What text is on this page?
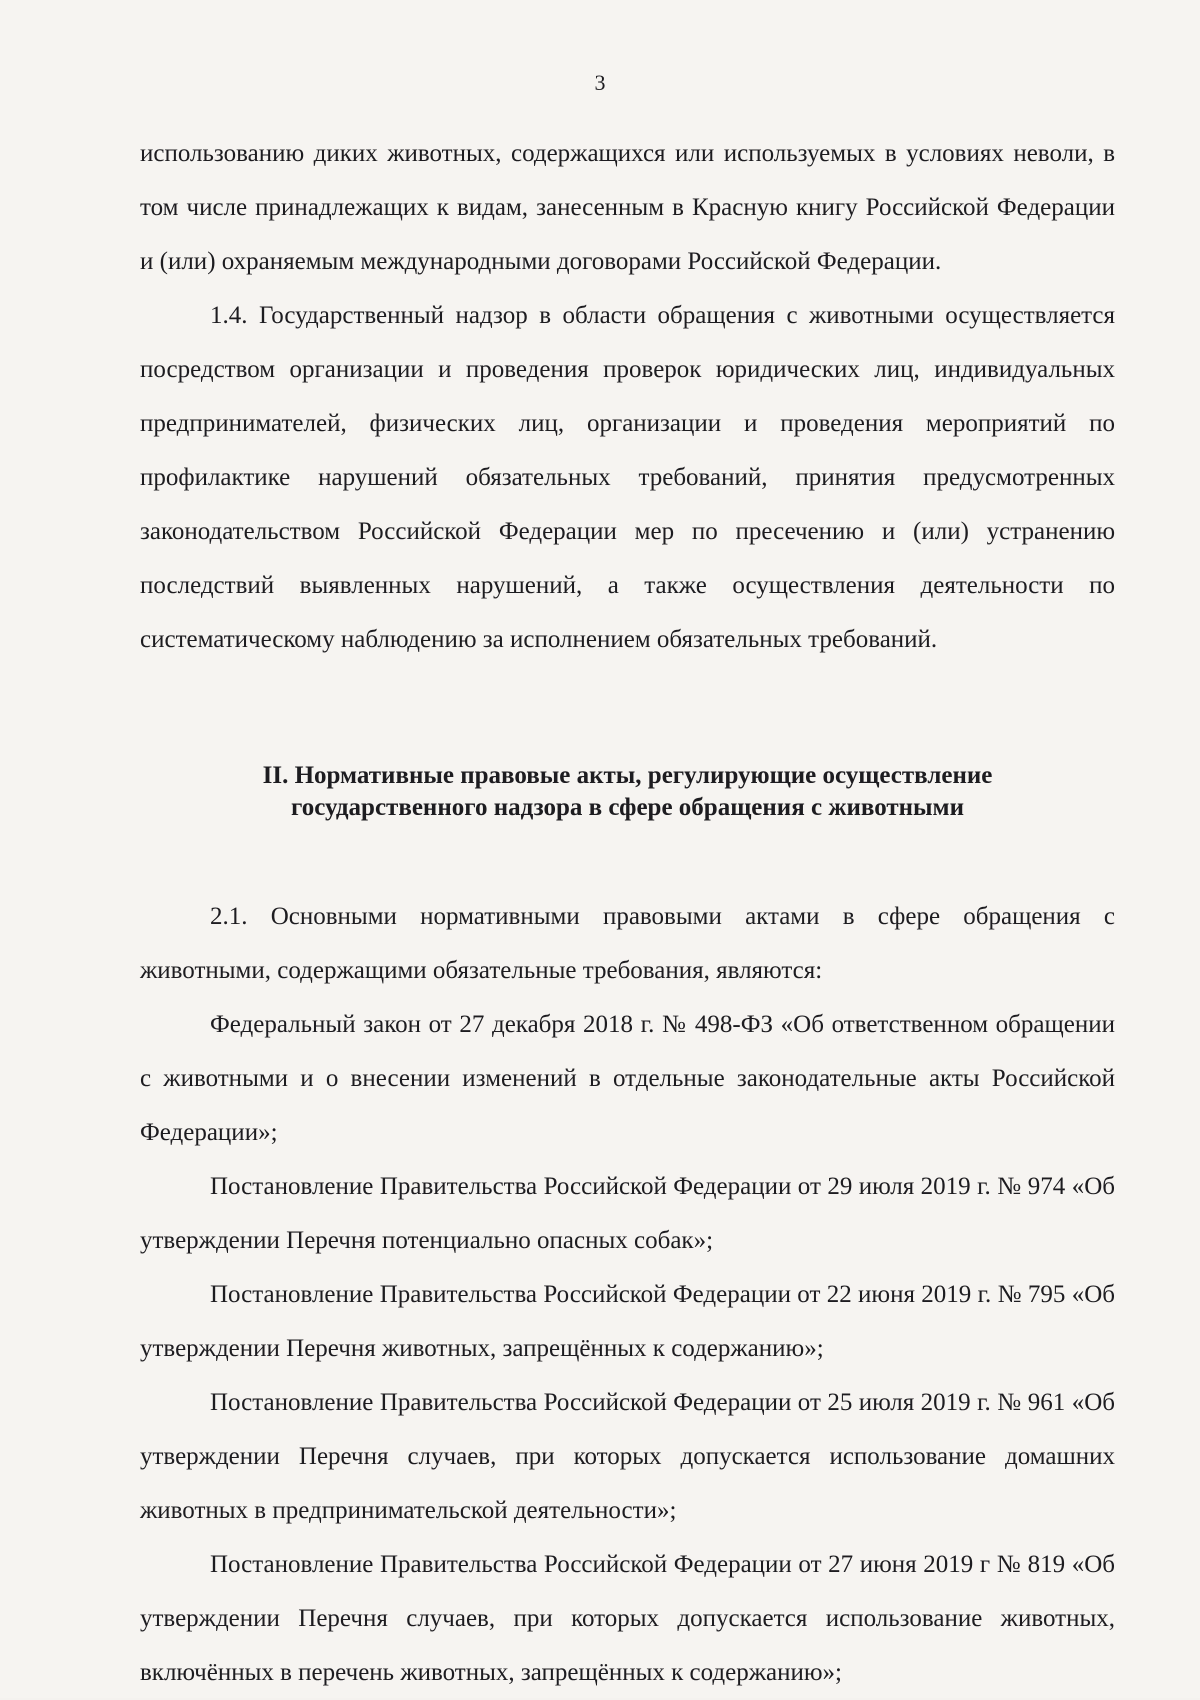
3

использованию диких животных, содержащихся или используемых в условиях неволи, в том числе принадлежащих к видам, занесенным в Красную книгу Российской Федерации и (или) охраняемым международными договорами Российской Федерации.

1.4. Государственный надзор в области обращения с животными осуществляется посредством организации и проведения проверок юридических лиц, индивидуальных предпринимателей, физических лиц, организации и проведения мероприятий по профилактике нарушений обязательных требований, принятия предусмотренных законодательством Российской Федерации мер по пресечению и (или) устранению последствий выявленных нарушений, а также осуществления деятельности по систематическому наблюдению за исполнением обязательных требований.

II. Нормативные правовые акты, регулирующие осуществление
государственного надзора в сфере обращения с животными

2.1. Основными нормативными правовыми актами в сфере обращения с животными, содержащими обязательные требования, являются:

Федеральный закон от 27 декабря 2018 г. № 498-ФЗ «Об ответственном обращении с животными и о внесении изменений в отдельные законодательные акты Российской Федерации»;

Постановление Правительства Российской Федерации от 29 июля 2019 г. № 974 «Об утверждении Перечня потенциально опасных собак»;

Постановление Правительства Российской Федерации от 22 июня 2019 г. № 795 «Об утверждении Перечня животных, запрещённых к содержанию»;

Постановление Правительства Российской Федерации от 25 июля 2019 г. № 961 «Об утверждении Перечня случаев, при которых допускается использование домашних животных в предпринимательской деятельности»;

Постановление Правительства Российской Федерации от 27 июня 2019 г № 819 «Об утверждении Перечня случаев, при которых допускается использование животных, включённых в перечень животных, запрещённых к содержанию»;
